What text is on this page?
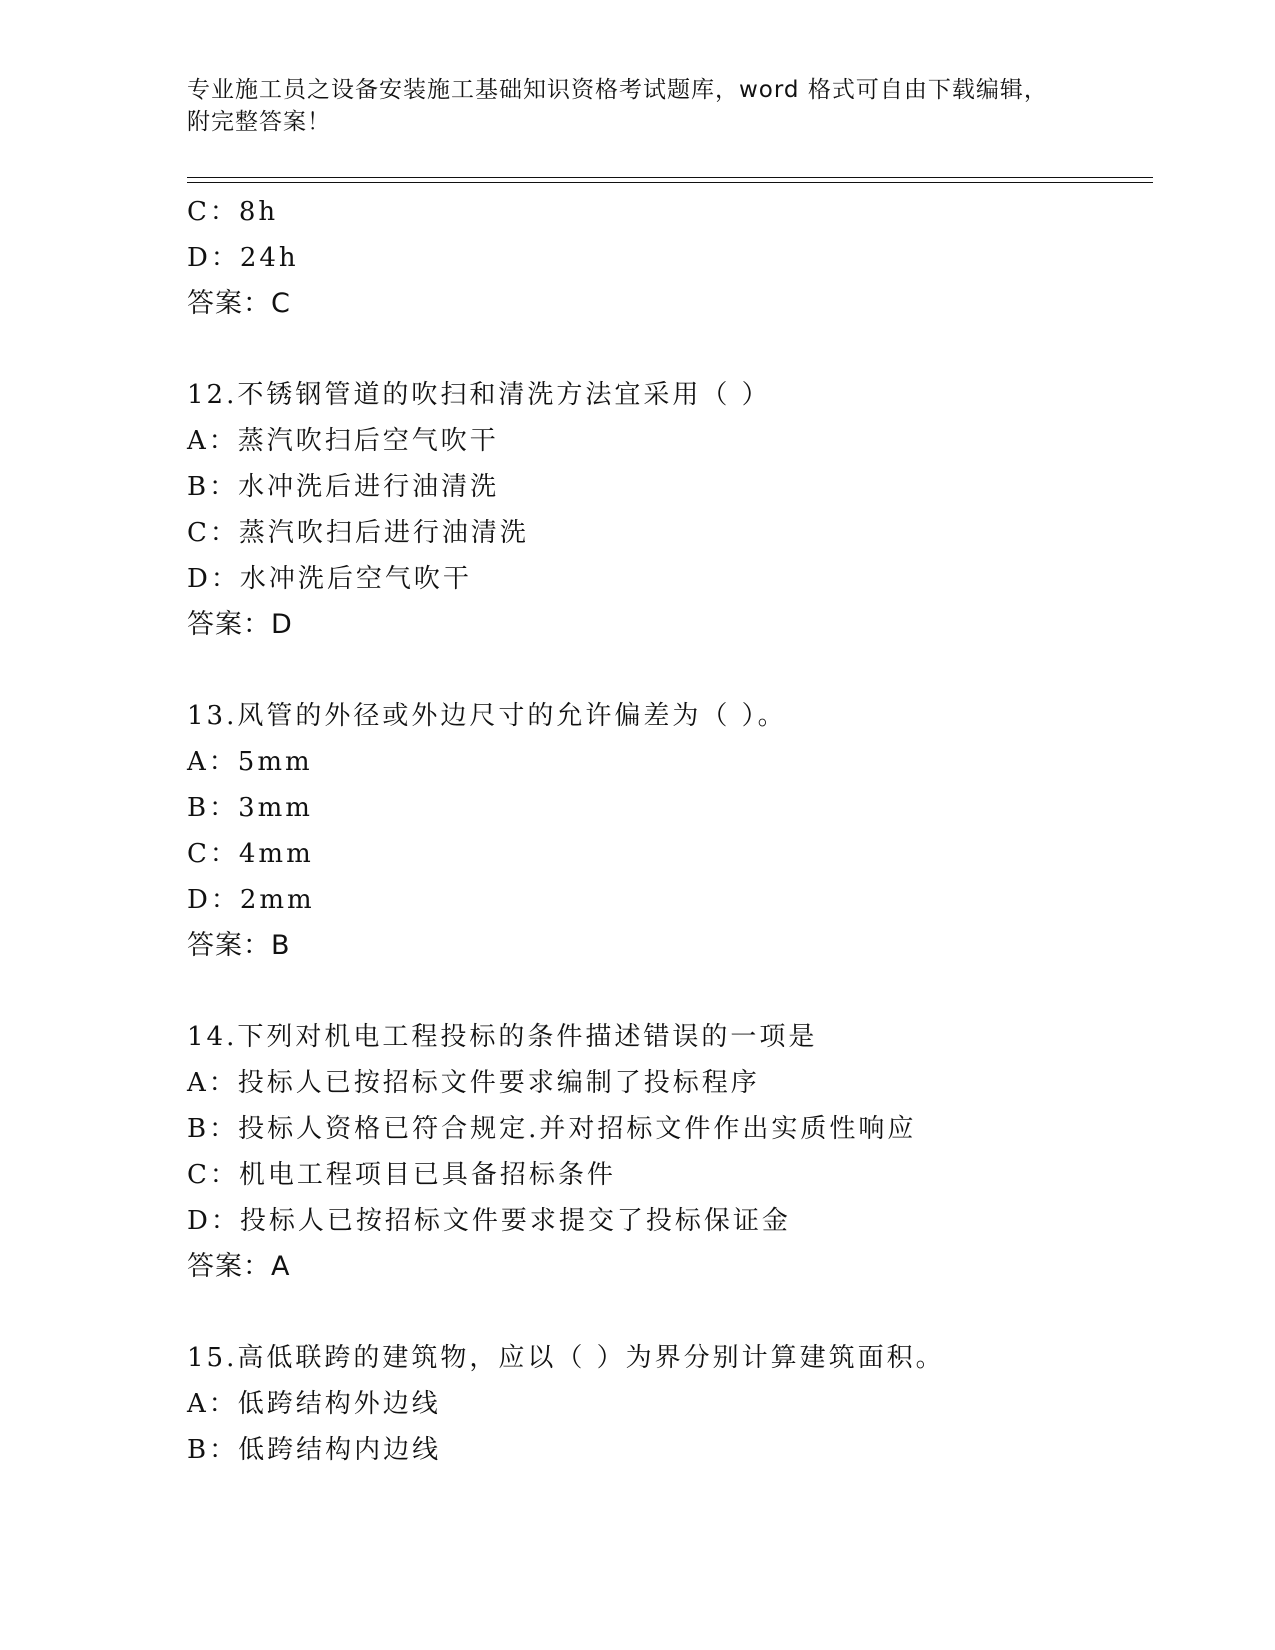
专业施工员之设备安装施工基础知识资格考试题库，word 格式可自由下载编辑，
附完整答案！
C：8h
D：24h
答案：C
12.不锈钢管道的吹扫和清洗方法宜采用（ ）
A：蒸汽吹扫后空气吹干
B：水冲洗后进行油清洗
C：蒸汽吹扫后进行油清洗
D：水冲洗后空气吹干
答案：D
13.风管的外径或外边尺寸的允许偏差为（ ）。
A：5mm
B：3mm
C：4mm
D：2mm
答案：B
14.下列对机电工程投标的条件描述错误的一项是
A：投标人已按招标文件要求编制了投标程序
B：投标人资格已符合规定.并对招标文件作出实质性响应
C：机电工程项目已具备招标条件
D：投标人已按招标文件要求提交了投标保证金
答案：A
15.高低联跨的建筑物，应以（ ）为界分别计算建筑面积。
A：低跨结构外边线
B：低跨结构内边线
